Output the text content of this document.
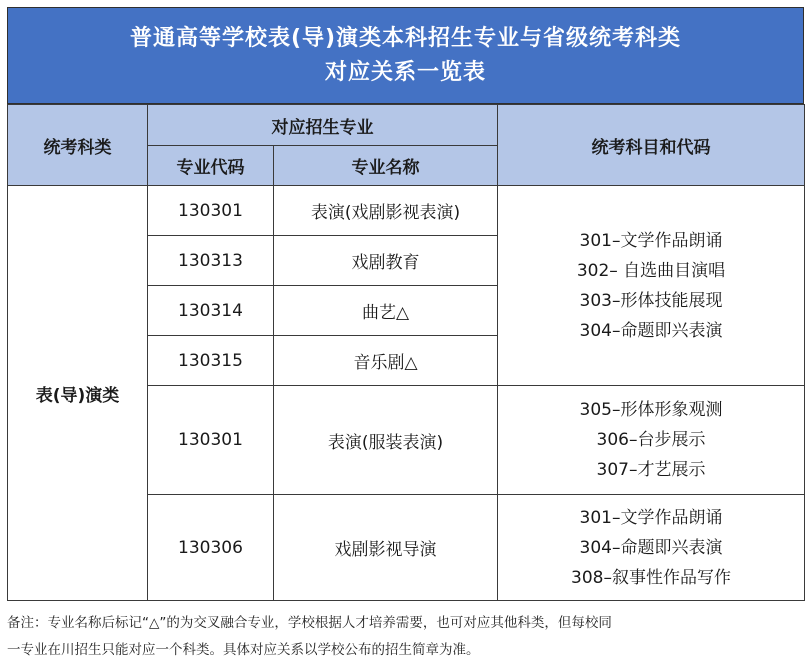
普通高等学校表(导)演类本科招生专业与省级统考科类
对应关系一览表
统考科类	对应招生专业		统考科目和代码
	专业代码	专业名称	
表(导)演类	130301	表演(戏剧影视表演)	301–文学作品朗诵
302– 自选曲目演唱
303–形体技能展现
304–命题即兴表演

	130313	戏剧教育	
	130314	曲艺△	
	130315	音乐剧△	
	130301	表演(服装表演)	305–形体形象观测
306–台步展示
307–才艺展示

	130306	戏剧影视导演	301–文学作品朗诵
304–命题即兴表演
308–叙事性作品写作
备注：专业名称后标记“△”的为交叉融合专业，学校根据人才培养需要，也可对应其他科类，但每校同
一专业在川招生只能对应一个科类。具体对应关系以学校公布的招生简章为准。
